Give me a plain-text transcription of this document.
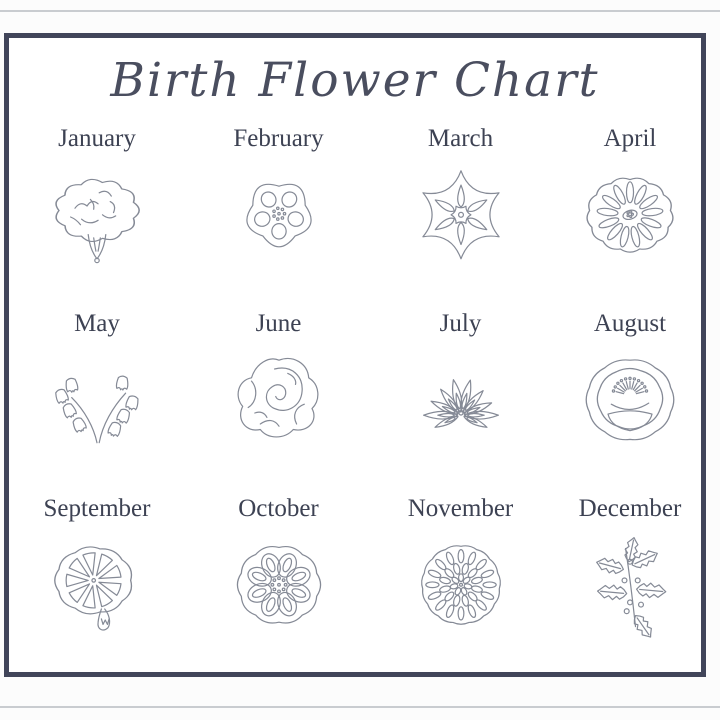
Birth Flower Chart
January	February	March	April
May	June	July	August
September	October	November	December
